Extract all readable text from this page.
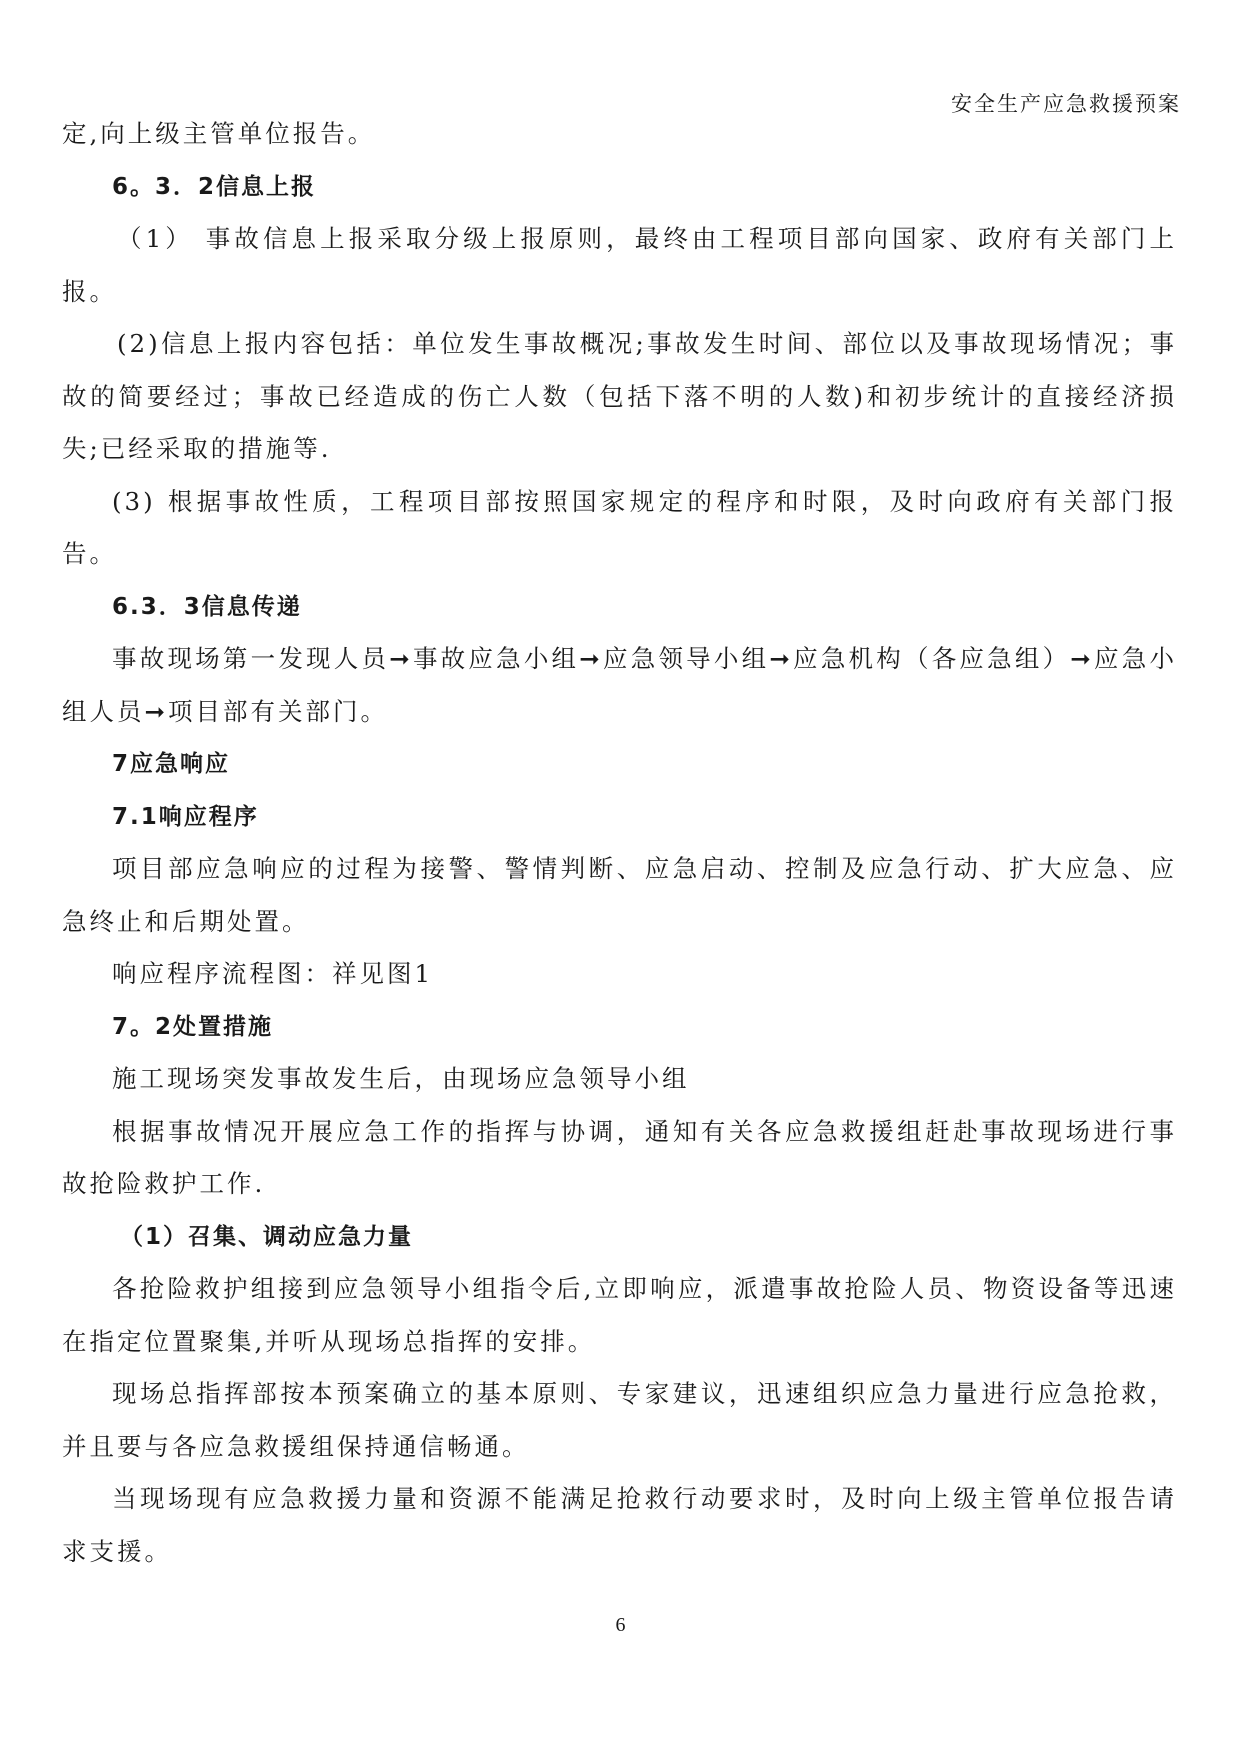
安全生产应急救援预案

定,向上级主管单位报告。

6。3．2信息上报

（1） 事故信息上报采取分级上报原则，最终由工程项目部向国家、政府有关部门上报。

(2)信息上报内容包括：单位发生事故概况;事故发生时间、部位以及事故现场情况；事故的简要经过；事故已经造成的伤亡人数（包括下落不明的人数)和初步统计的直接经济损失;已经采取的措施等.

(3) 根据事故性质，工程项目部按照国家规定的程序和时限，及时向政府有关部门报告。

6.3．3信息传递

事故现场第一发现人员➞事故应急小组➞应急领导小组➞应急机构（各应急组）➞应急小组人员➞项目部有关部门。

7应急响应

7.1响应程序

项目部应急响应的过程为接警、警情判断、应急启动、控制及应急行动、扩大应急、应急终止和后期处置。

响应程序流程图：祥见图1

7。2处置措施

施工现场突发事故发生后，由现场应急领导小组

根据事故情况开展应急工作的指挥与协调，通知有关各应急救援组赶赴事故现场进行事故抢险救护工作.

（1）召集、调动应急力量

各抢险救护组接到应急领导小组指令后,立即响应，派遣事故抢险人员、物资设备等迅速在指定位置聚集,并听从现场总指挥的安排。

现场总指挥部按本预案确立的基本原则、专家建议，迅速组织应急力量进行应急抢救，并且要与各应急救援组保持通信畅通。

当现场现有应急救援力量和资源不能满足抢救行动要求时，及时向上级主管单位报告请求支援。

6
